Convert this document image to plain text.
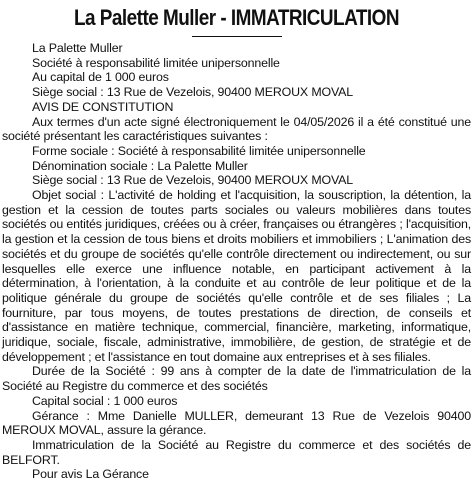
La Palette Muller - IMMATRICULATION

La Palette Muller

Société à responsabilité limitée unipersonnelle

Au capital de 1 000 euros

Siège social : 13 Rue de Vezelois, 90400 MEROUX MOVAL

AVIS DE CONSTITUTION

Aux termes d'un acte signé électroniquement le 04/05/2026 il a été constitué une société présentant les caractéristiques suivantes :

Forme sociale : Société à responsabilité limitée unipersonnelle

Dénomination sociale : La Palette Muller

Siège social : 13 Rue de Vezelois, 90400 MEROUX MOVAL

Objet social : L'activité de holding et l'acquisition, la souscription, la détention, la gestion et la cession de toutes parts sociales ou valeurs mobilières dans toutes sociétés ou entités juridiques, créées ou à créer, françaises ou étrangères ; l'acquisition, la gestion et la cession de tous biens et droits mobiliers et immobiliers ; L'animation des sociétés et du groupe de sociétés qu'elle contrôle directement ou indirectement, ou sur lesquelles elle exerce une influence notable, en participant activement à la détermination, à l'orientation, à la conduite et au contrôle de leur politique et de la politique générale du groupe de sociétés qu'elle contrôle et de ses filiales ; La fourniture, par tous moyens, de toutes prestations de direction, de conseils et d'assistance en matière technique, commercial, financière, marketing, informatique, juridique, sociale, fiscale, administrative, immobilière, de gestion, de stratégie et de développement ; et l'assistance en tout domaine aux entreprises et à ses filiales.

Durée de la Société : 99 ans à compter de la date de l'immatriculation de la Société au Registre du commerce et des sociétés

Capital social : 1 000 euros

Gérance : Mme Danielle MULLER, demeurant 13 Rue de Vezelois 90400 MEROUX MOVAL, assure la gérance.

Immatriculation de la Société au Registre du commerce et des sociétés de BELFORT.

Pour avis La Gérance
